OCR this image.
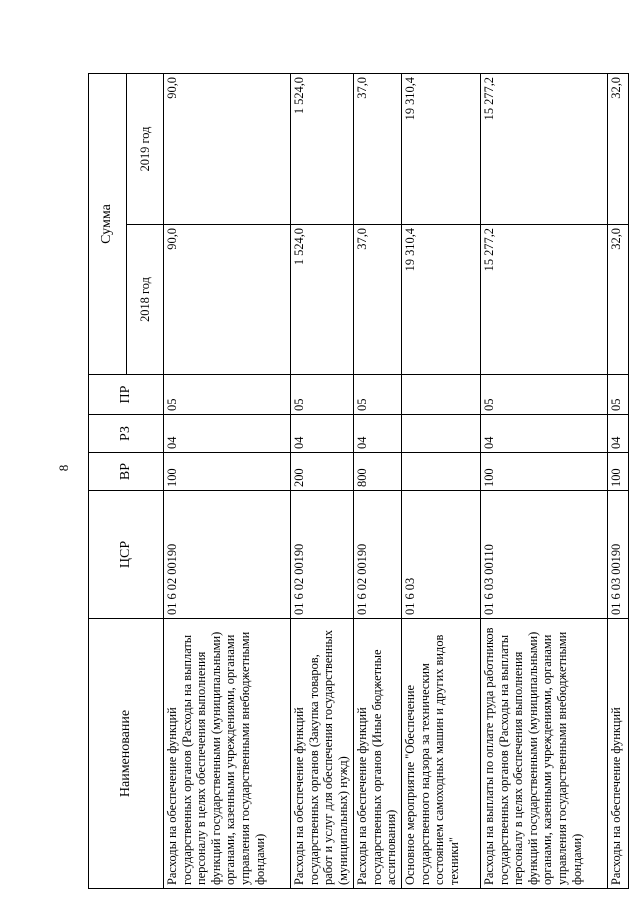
8
Наименование	ЦСР	ВР	РЗ	ПР	Сумма	
					2018 год	2019 год
Расходы на обеспечение функций государственных органов (Расходы на выплаты персоналу в целях обеспечения выполнения функций государственными (муниципальными) органами, казенными учреждениями, органами управления государственными внебюджетными фондами)	01 6 02 00190	100	04	05	90,0	90,0
Расходы на обеспечение функций государственных органов (Закупка товаров, работ и услуг для обеспечения государственных (муниципальных) нужд)	01 6 02 00190	200	04	05	1 524,0	1 524,0
Расходы на обеспечение функций государственных органов (Иные бюджетные ассигнования)	01 6 02 00190	800	04	05	37,0	37,0
Основное мероприятие "Обеспечение государственного надзора за техническим состоянием самоходных машин и других видов техники"	01 6 03				19 310,4	19 310,4
Расходы на выплаты по оплате труда работников государственных органов (Расходы на выплаты персоналу в целях обеспечения выполнения функций государственными (муниципальными) органами, казенными учреждениями, органами управления государственными внебюджетными фондами)	01 6 03 00110	100	04	05	15 277,2	15 277,2
Расходы на обеспечение функций	01 6 03 00190	100	04	05	32,0	32,0
